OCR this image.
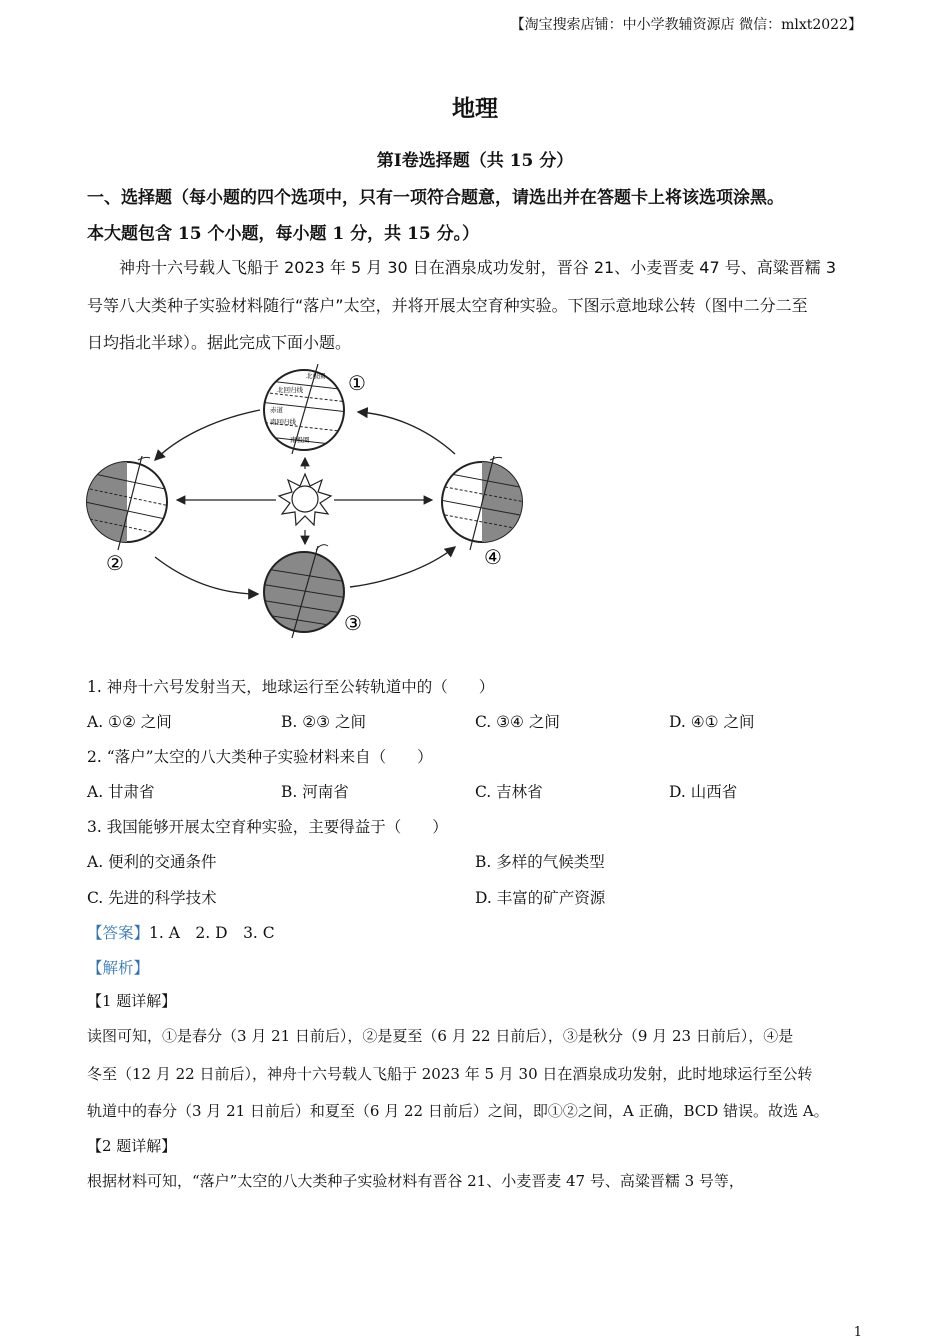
【淘宝搜索店铺：中小学教辅资源店 微信：mlxt2022】
地理
第Ⅰ卷选择题（共 15 分）
一、选择题（每小题的四个选项中，只有一项符合题意，请选出并在答题卡上将该选项涂黑。
本大题包含 15 个小题，每小题 1 分，共 15 分。）
神舟十六号载人飞船于 2023 年 5 月 30 日在酒泉成功发射，晋谷 21、小麦晋麦 47 号、高粱晋糯 3
号等八大类种子实验材料随行“落户”太空，并将开展太空育种实验。下图示意地球公转（图中二分二至
日均指北半球）。据此完成下面小题。
北极圈
北回归线
赤道
南回归线
南极圈
①
②
③
④
1. 神舟十六号发射当天，地球运行至公转轨道中的（　　）
A. ①② 之间	B. ②③ 之间	C. ③④ 之间	D. ④① 之间
2. “落户”太空的八大类种子实验材料来自（　　）
A. 甘肃省	B. 河南省	C. 吉林省	D. 山西省
3. 我国能够开展太空育种实验，主要得益于（　　）
A. 便利的交通条件	B. 多样的气候类型
C. 先进的科学技术	D. 丰富的矿产资源
【答案】1. A　2. D　3. C
【解析】
【1 题详解】
读图可知，①是春分（3 月 21 日前后），②是夏至（6 月 22 日前后），③是秋分（9 月 23 日前后），④是
冬至（12 月 22 日前后），神舟十六号载人飞船于 2023 年 5 月 30 日在酒泉成功发射，此时地球运行至公转
轨道中的春分（3 月 21 日前后）和夏至（6 月 22 日前后）之间，即①②之间，A 正确，BCD 错误。故选 A。
【2 题详解】
根据材料可知，“落户”太空的八大类种子实验材料有晋谷 21、小麦晋麦 47 号、高粱晋糯 3 号等，
1
